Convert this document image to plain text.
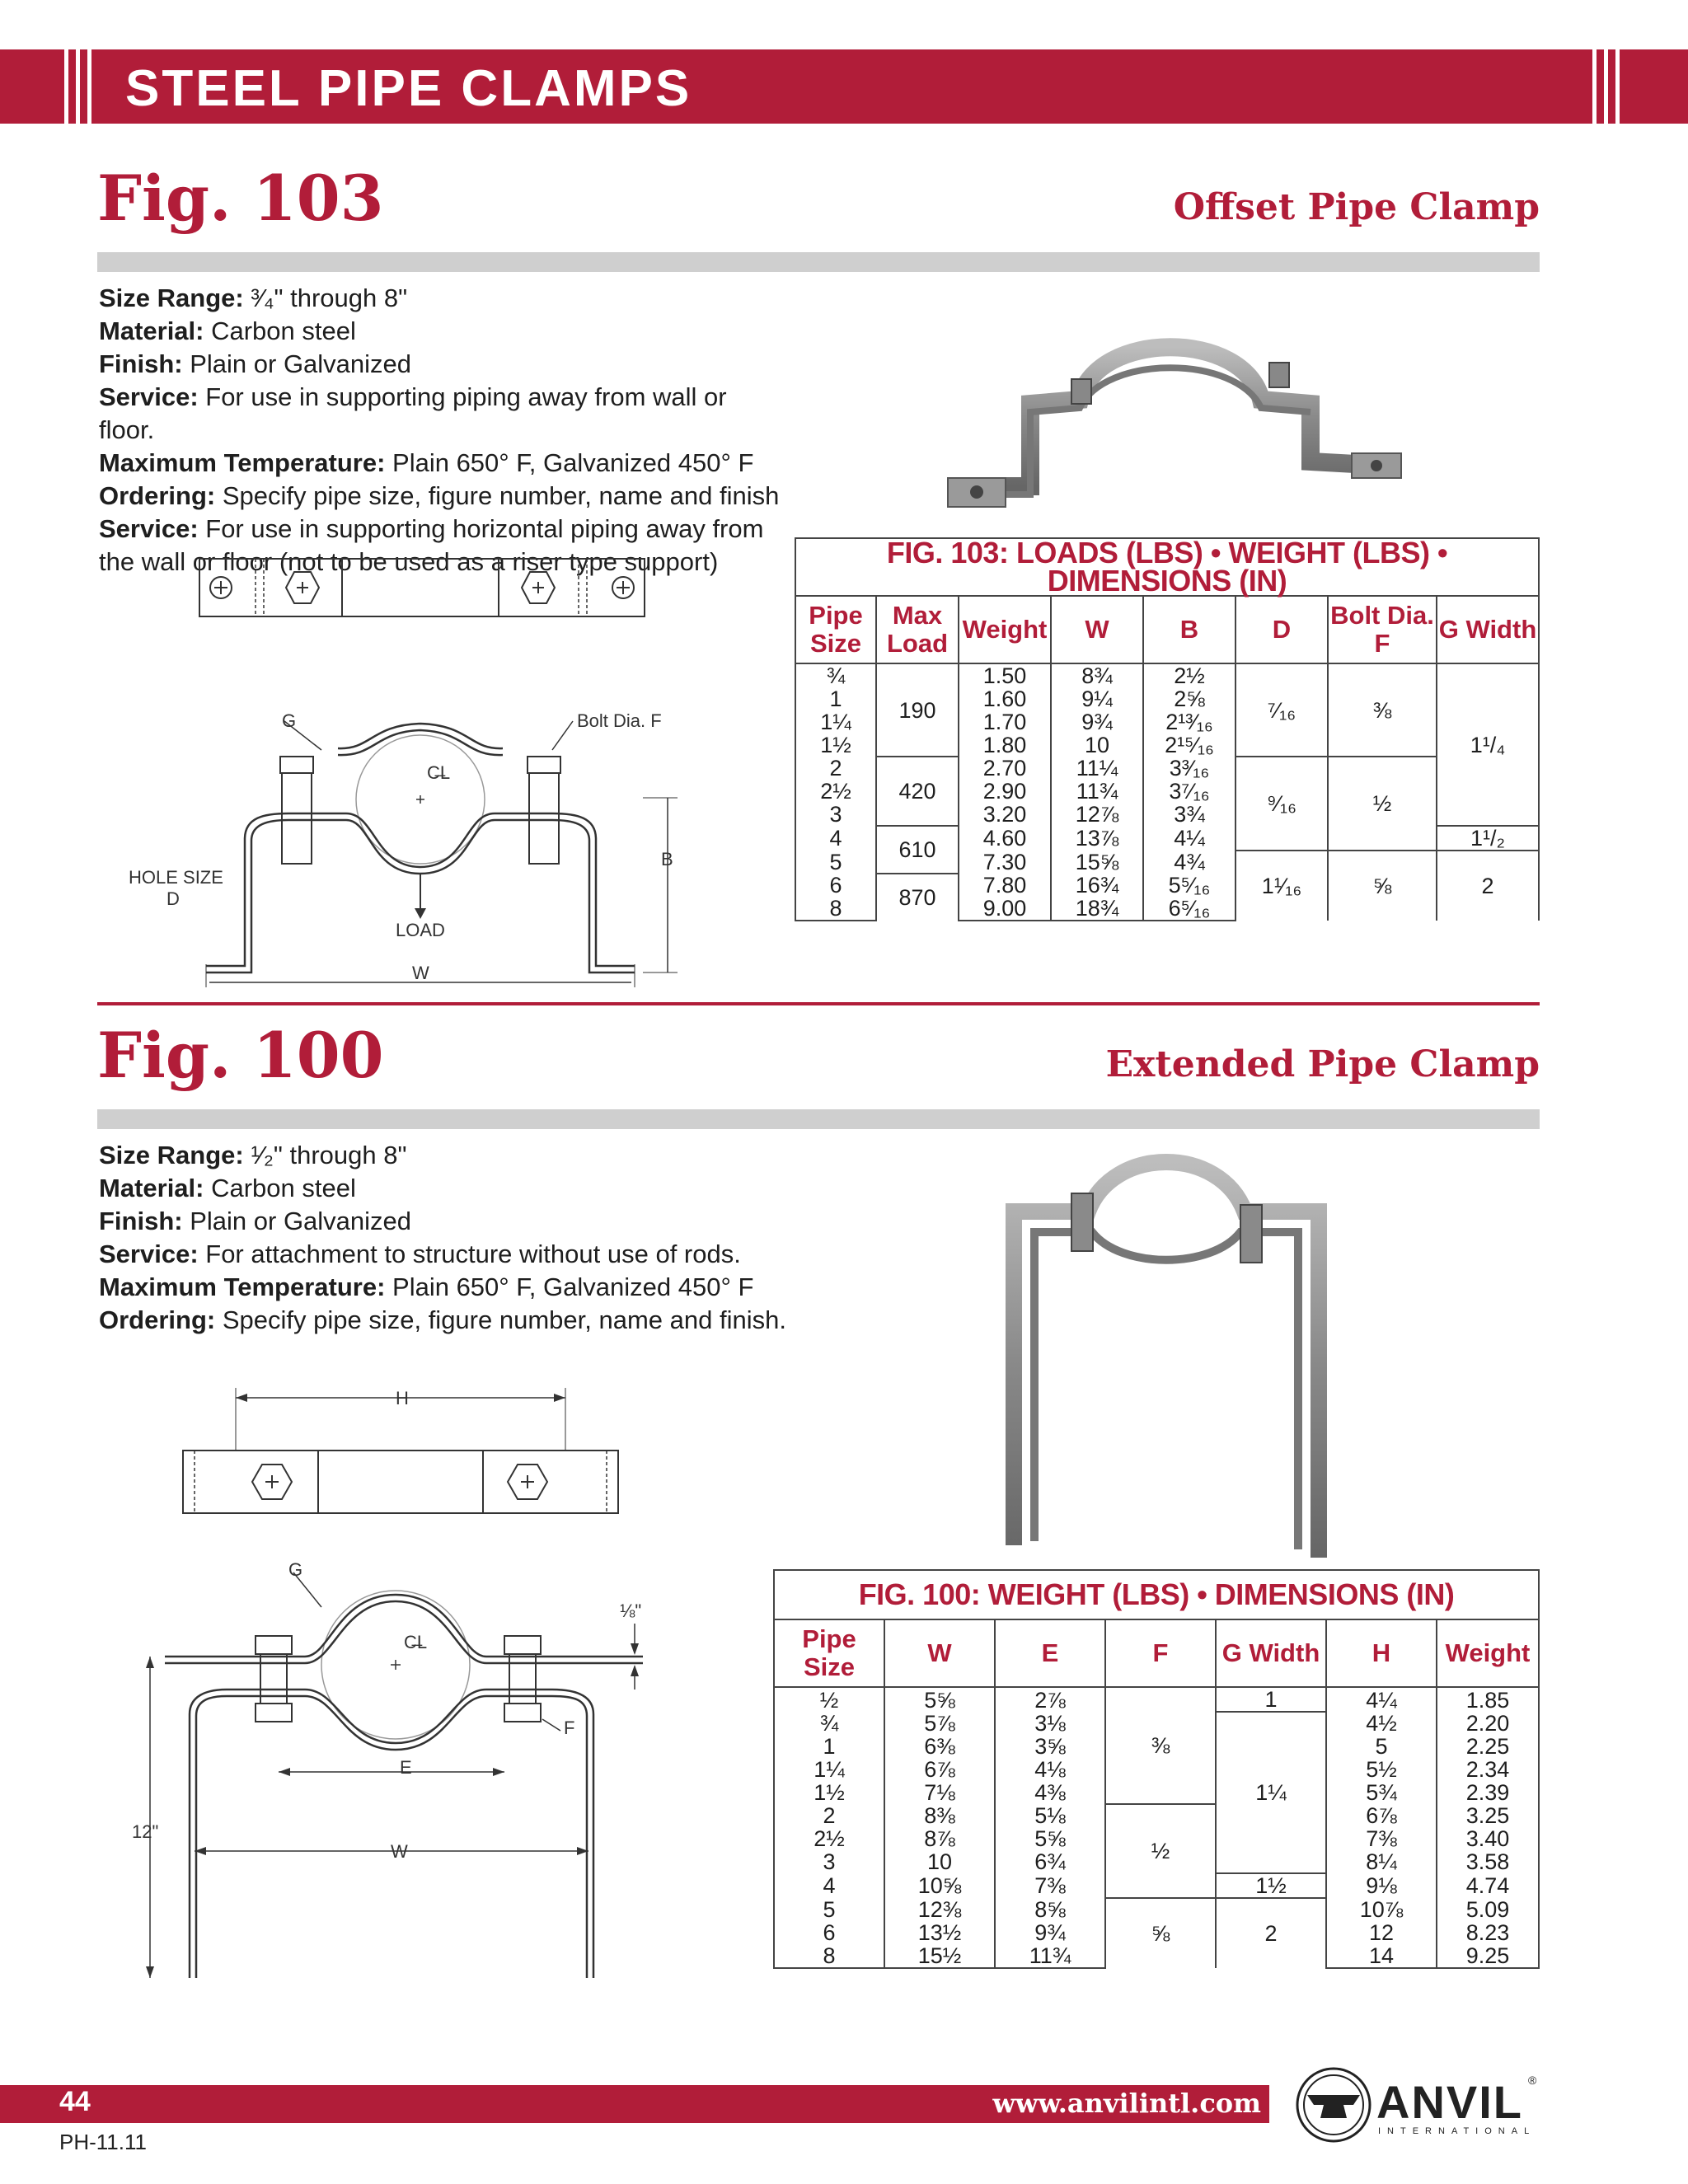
STEEL PIPE CLAMPS
Fig. 103	Offset Pipe Clamp
Size Range: ³⁄₄" through 8"
Material: Carbon steel
Finish: Plain or Galvanized
Service: For use in supporting piping away from wall or floor.
Maximum Temperature: Plain 650° F, Galvanized 450° F
Ordering: Specify pipe size, figure number, name and finish
Service: For use in supporting horizontal piping away from the wall or floor (not to be used as a riser type support)
G	Bolt Dia. F
C̶L
HOLE SIZE
D
LOAD
W
B
FIG. 103: LOADS (LBS) • WEIGHT (LBS) • DIMENSIONS (IN)							
Pipe Size	Max Load	Weight	W	B	D	Bolt Dia. F	G Width
¾	190	1.50	8¾	2½	⁷⁄₁₆	⅜	1¹/₄
1		1.60	9¼	2⅝			
1¼		1.70	9¾	2¹³⁄₁₆			
1½		1.80	10	2¹⁵⁄₁₆			
2	420	2.70	11¼	3³⁄₁₆	⁹⁄₁₆	½	
2½		2.90	11¾	3⁷⁄₁₆			
3		3.20	12⅞	3¾			
4	610	4.60	13⅞	4¼			1¹/₂
5		7.30	15⅝	4¾	1¹⁄₁₆	⅝	2
6	870	7.80	16¾	5⁵⁄₁₆			
8		9.00	18¾	6⁵⁄₁₆			
Fig. 100	Extended Pipe Clamp
Size Range: ¹⁄₂" through 8"
Material: Carbon steel
Finish: Plain or Galvanized
Service: For attachment to structure without use of rods.
Maximum Temperature: Plain 650° F, Galvanized 450° F
Ordering: Specify pipe size, figure number, name and finish.
H
G
C̶L
⅛"
F
E
12"
W
FIG. 100: WEIGHT (LBS) • DIMENSIONS (IN)						
Pipe Size	W	E	F	G Width	H	Weight
½	5⅝	2⅞	⅜	1	4¼	1.85
¾	5⅞	3⅛		1¼	4½	2.20
1	6⅜	3⅝			5	2.25
1¼	6⅞	4⅛			5½	2.34
1½	7⅛	4⅜			5¾	2.39
2	8⅜	5⅛	½		6⅞	3.25
2½	8⅞	5⅝			7⅜	3.40
3	10	6¾			8¼	3.58
4	10⅝	7⅜		1½	9⅛	4.74
5	12⅜	8⅝	⅝	2	10⅞	5.09
6	13½	9¾			12	8.23
8	15½	11¾			14	9.25
44	www.anvilintl.com
PH-11.11
ANVIL ®
INTERNATIONAL
